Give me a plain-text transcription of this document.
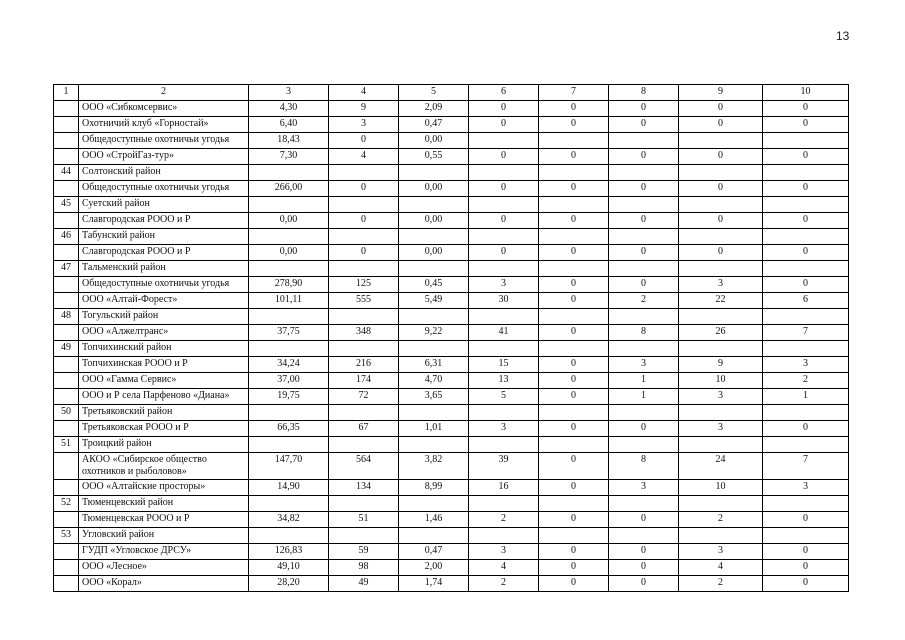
13
1	2	3	4	5	6	7	8	9	10
	ООО «Сибкомсервис»	4,30	9	2,09	0	0	0	0	0
	Охотничий клуб «Горностай»	6,40	3	0,47	0	0	0	0	0
	Общедоступные охотничьи угодья	18,43	0	0,00					
	ООО «СтройГаз-тур»	7,30	4	0,55	0	0	0	0	0
44	Солтонский район								
	Общедоступные охотничьи угодья	266,00	0	0,00	0	0	0	0	0
45	Суетский район								
	Славгородская РООО и Р	0,00	0	0,00	0	0	0	0	0
46	Табунский район								
	Славгородская РООО и Р	0,00	0	0,00	0	0	0	0	0
47	Тальменский район								
	Общедоступные охотничьи угодья	278,90	125	0,45	3	0	0	3	0
	ООО «Алтай-Форест»	101,11	555	5,49	30	0	2	22	6
48	Тогульский район								
	ООО «Алжелтранс»	37,75	348	9,22	41	0	8	26	7
49	Топчихинский район								
	Топчихинская РООО и Р	34,24	216	6,31	15	0	3	9	3
	ООО «Гамма Сервис»	37,00	174	4,70	13	0	1	10	2
	ООО и Р села Парфеново «Диана»	19,75	72	3,65	5	0	1	3	1
50	Третьяковский район								
	Третьяковская РООО и Р	66,35	67	1,01	3	0	0	3	0
51	Троицкий район								
	АКОО «Сибирское общество охотников и рыболовов»	147,70	564	3,82	39	0	8	24	7
	ООО «Алтайские просторы»	14,90	134	8,99	16	0	3	10	3
52	Тюменцевский район								
	Тюменцевская РООО и Р	34,82	51	1,46	2	0	0	2	0
53	Угловский район								
	ГУДП «Угловское ДРСУ»	126,83	59	0,47	3	0	0	3	0
	ООО «Лесное»	49,10	98	2,00	4	0	0	4	0
	ООО «Корал»	28,20	49	1,74	2	0	0	2	0
